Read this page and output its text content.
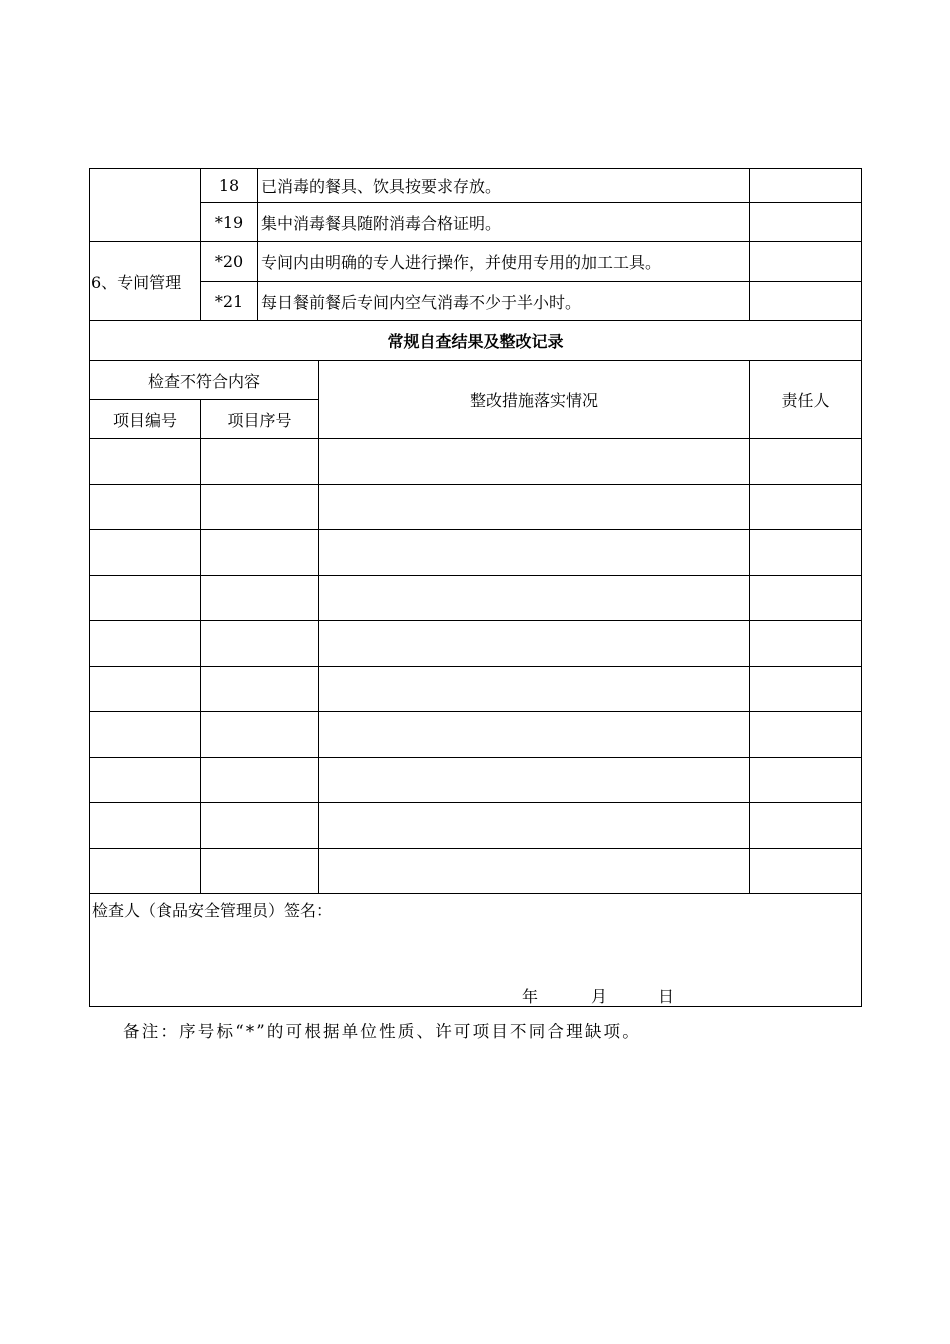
	18	已消毒的餐具、饮具按要求存放。		
	*19	集中消毒餐具随附消毒合格证明。		
6、专间管理	*20	专间内由明确的专人进行操作，并使用专用的加工工具。		
	*21	每日餐前餐后专间内空气消毒不少于半小时。		
常规自查结果及整改记录				
检查不符合内容			整改措施落实情况	责任人
项目编号	项目序号			

检查人（食品安全管理员）签名：
年 月 日				
备注：序号标“*”的可根据单位性质、许可项目不同合理缺项。
